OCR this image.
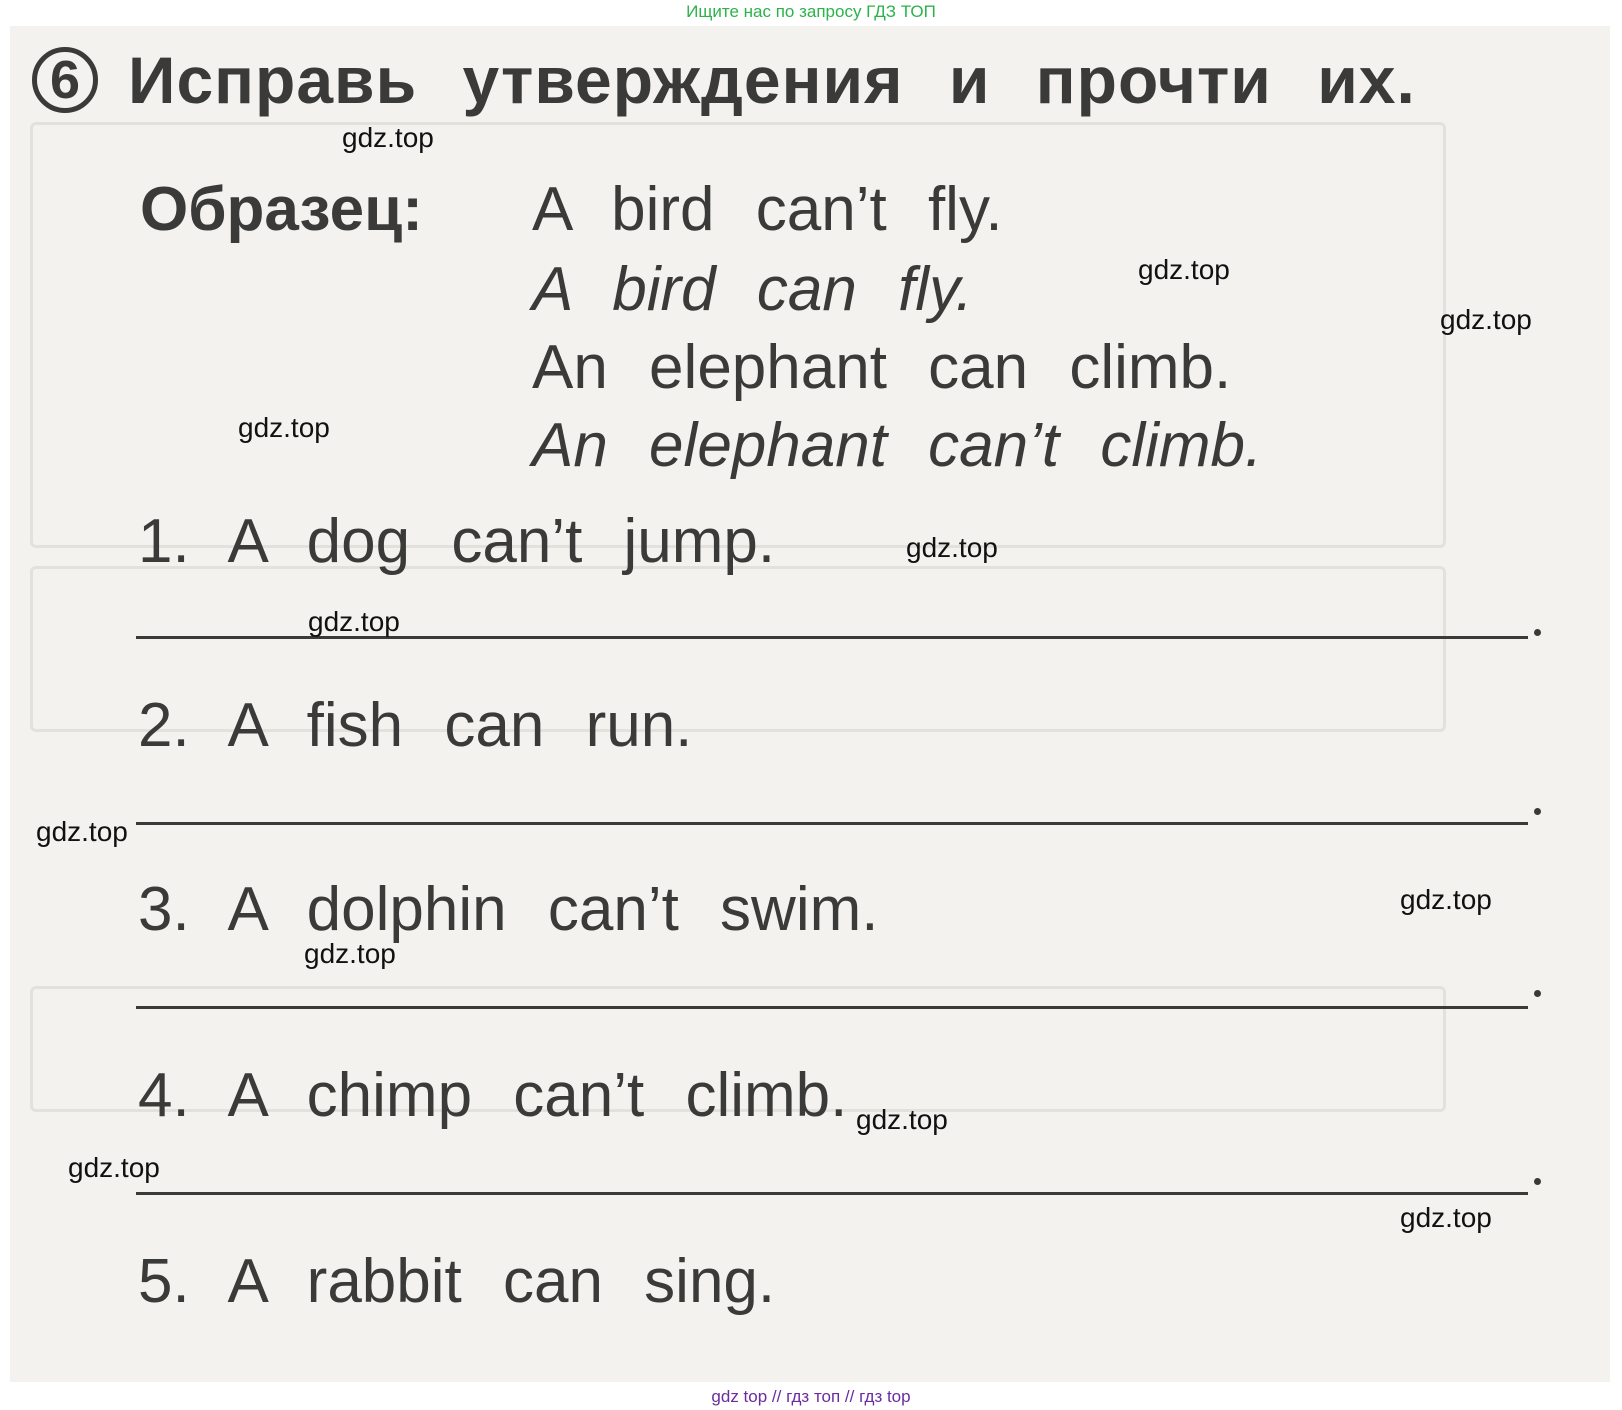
Ищите нас по запросу ГДЗ ТОП
6 Исправь утверждения и прочти их.
Образец: A bird can’t fly.
A bird can fly.
An elephant can climb.
An elephant can’t climb.
1. A dog can’t jump.
2. A fish can run.
3. A dolphin can’t swim.
4. A chimp can’t climb.
5. A rabbit can sing.
gdz.top
gdz.top
gdz.top
gdz.top
gdz.top
gdz.top
gdz.top
gdz.top
gdz.top
gdz.top
gdz.top
gdz.top
gdz top // гдз топ // гдз top
